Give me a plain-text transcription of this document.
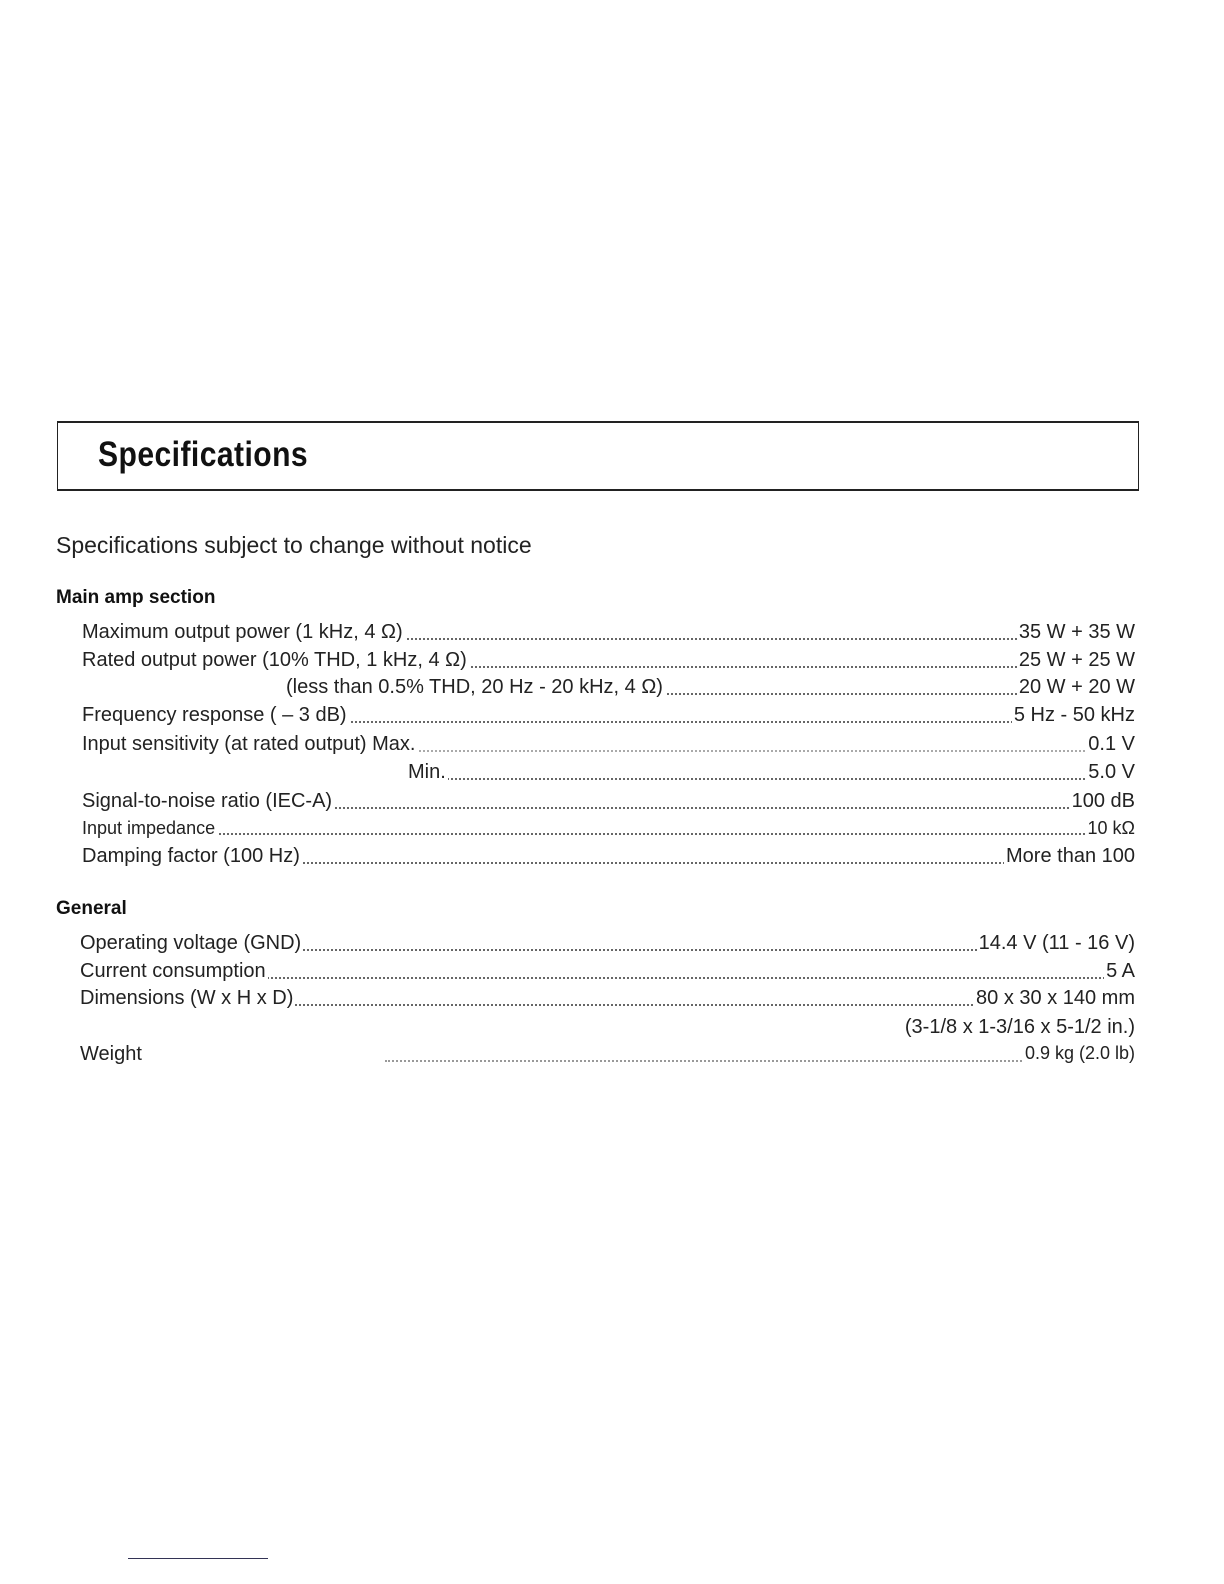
Specifications
Specifications subject to change without notice
Main amp section
Maximum output power (1 kHz, 4 Ω)	35 W + 35 W
Rated output power (10% THD, 1 kHz, 4 Ω)	25 W + 25 W
(less than 0.5% THD, 20 Hz - 20 kHz, 4 Ω)	20 W + 20 W
Frequency response ( – 3 dB)	5 Hz - 50 kHz
Input sensitivity (at rated output) Max.	0.1 V
Min.	5.0 V
Signal-to-noise ratio (IEC-A)	100 dB
Input impedance	10 kΩ
Damping factor (100 Hz)	More than 100
General
Operating voltage (GND)	14.4 V (11 - 16 V)
Current consumption	5 A
Dimensions (W x H x D)	80 x 30 x 140 mm
(3-1/8 x 1-3/16 x 5-1/2 in.)
Weight	0.9 kg (2.0 lb)
